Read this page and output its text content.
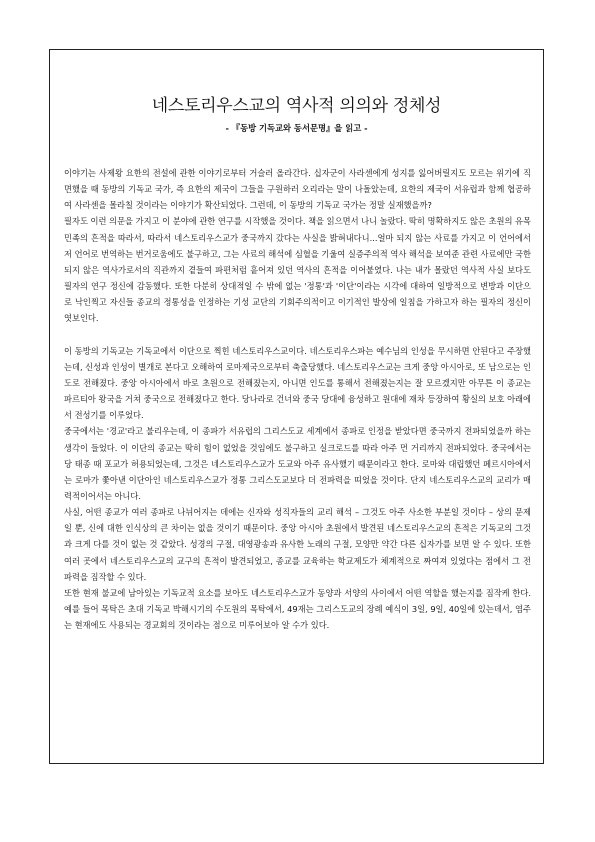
네스토리우스교의 역사적 의의와 정체성

- 『동방 기독교와 동서문명』을 읽고 -

이야기는 사제왕 요한의 전설에 관한 이야기로부터 거슬러 올라간다. 십자군이 사라센에게 성지를 잃어버릴지도 모르는 위기에 직면했을 때 동방의 기독교 국가, 즉 요한의 제국이 그들을 구원하러 오리라는 말이 나돌았는데, 요한의 제국이 서유럽과 함께 협공하여 사라센을 몰라칠 것이라는 이야기가 확산되었다. 그런데, 이 동방의 기독교 국가는 정말 실재했을까?

필자도 이런 의문을 가지고 이 분야에 관한 연구를 시작했을 것이다. 책을 읽으면서 나니 놀랐다. 딱히 명확하지도 않은 초원의 유목민족의 흔적을 따라서, 따라서 네스토리우스교가 중국까지 갔다는 사실을 밝혀내다니...얼마 되지 않는 사료를 가지고 이 언어에서 저 언어로 번역하는 번거로움에도 불구하고, 그는 사료의 해석에 심혈을 기울여 실증주의적 역사 해석을 보여준 관련 사료에만 국한되지 않은 역사가로서의 직관까지 곁들여 파편처럼 흩어져 있던 역사의 흔적을 이어붙였다. 나는 내가 몰랐던 역사적 사실 보다도 필자의 연구 정신에 감동했다. 또한 다분히 상대적일 수 밖에 없는 '정통'과 '이단'이라는 시각에 대하여 일방적으로 변방과 이단으로 낙인찍고 자신들 종교의 정통성을 인정하는 기성 교단의 기회주의적이고 이기적인 발상에 일침을 가하고자 하는 필자의 정신이 엿보인다.

이 동방의 기독교는 기독교에서 이단으로 찍힌 네스토리우스교이다. 네스토리우스파는 예수님의 인성을 무시하면 안된다고 주장했는데, 신성과 인성이 별개로 본다고 오해하여 로마제국으로부터 축출당했다. 네스토리우스교는 크게 중앙 아시아로, 또 남으로는 인도로 전해졌다. 중앙 아시아에서 바로 초원으로 전해졌는지, 아니면 인도를 통해서 전해졌는지는 잘 모르겠지만 아무튼 이 종교는 파르티아 왕국을 거쳐 중국으로 전해졌다고 한다. 당나라로 건너와 중국 당대에 융성하고 원대에 재차 등장하여 황실의 보호 아래에서 전성기를 이루었다.

중국에서는 '경교'라고 불리우는데, 이 종파가 서유럽의 그리스도교 세계에서 종파로 인정을 받았다면 중국까지 전파되었을까 하는 생각이 들었다. 이 이단의 종교는 딱히 힘이 없었을 것임에도 불구하고 실크로드를 따라 아주 먼 거리까지 전파되었다. 중국에서는 당 태종 때 포교가 허용되었는데, 그것은 네스토리우스교가 도교와 아주 유사했기 때문이라고 한다. 로마와 대립했던 페르시아에서는 로마가 쫓아낸 이단아인 네스토리우스교가 정통 그리스도교보다 더 전파력을 띠었을 것이다. 단지 네스토리우스교의 교리가 매력적이어서는 아니다.

사실, 어떤 종교가 여러 종파로 나뉘어지는 데에는 신자와 성직자들의 교리 해석 – 그것도 아주 사소한 부분일 것이다 – 상의 문제일 뿐, 신에 대한 인식상의 큰 차이는 없을 것이기 때문이다. 중앙 아시아 초원에서 발견된 네스토리우스교의 흔적은 기독교의 그것과 크게 다를 것이 없는 것 같았다. 성경의 구절, 대영광송과 유사한 노래의 구절, 모양만 약간 다른 십자가를 보면 알 수 있다. 또한 여러 곳에서 네스토리우스교의 교구의 흔적이 발견되었고, 종교를 교육하는 학교제도가 체계적으로 짜여져 있었다는 점에서 그 전파력을 짐작할 수 있다.

또한 현재 불교에 남아있는 기독교적 요소를 보아도 네스토리우스교가 동양과 서양의 사이에서 어떤 역할을 했는지를 짐작케 한다. 예를 들어 목탁은 초대 기독교 박해시기의 수도원의 목탁에서, 49재는 그리스도교의 장례 예식이 3일, 9일, 40일에 있는데서, 염주는 현재에도 사용되는 경교회의 것이라는 점으로 미루어보아 알 수가 있다.
